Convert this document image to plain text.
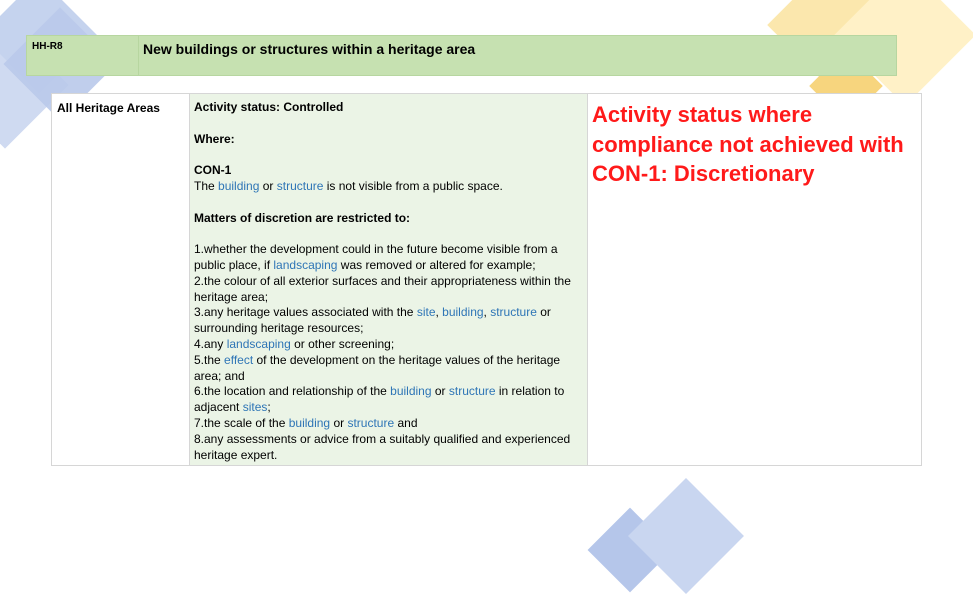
HH-R8	New buildings or structures within a heritage area
All Heritage Areas	Activity status: Controlled

Where:

CON-1

The building or structure is not visible from a public space.

Matters of discretion are restricted to:

1.whether the development could in the future become visible from a public place, if landscaping was removed or altered for example;

2.the colour of all exterior surfaces and their appropriateness within the heritage area;

3.any heritage values associated with the site, building, structure or surrounding heritage resources;

4.any landscaping or other screening;

5.the effect of the development on the heritage values of the heritage area; and

6.the location and relationship of the building or structure in relation to adjacent sites;

7.the scale of the building or structure and

8.any assessments or advice from a suitably qualified and experienced heritage expert.

Activity status where compliance not achieved with CON-1: Discretionary
